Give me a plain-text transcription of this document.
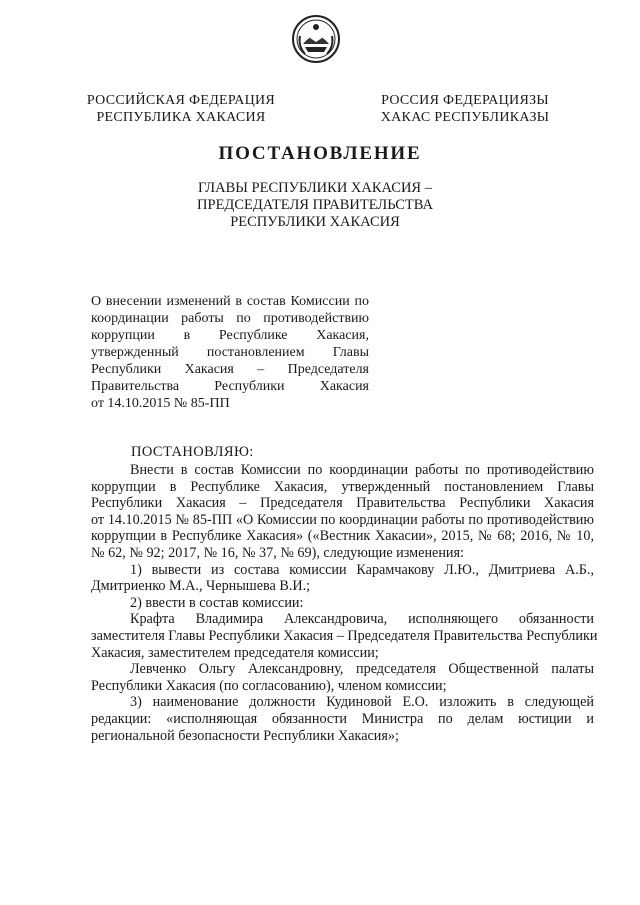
РОССИЙСКАЯ ФЕДЕРАЦИЯ
РЕСПУБЛИКА ХАКАСИЯ
РОССИЯ ФЕДЕРАЦИЯЗЫ
ХАКАС РЕСПУБЛИКАЗЫ
ПОСТАНОВЛЕНИЕ
ГЛАВЫ РЕСПУБЛИКИ ХАКАСИЯ –
ПРЕДСЕДАТЕЛЯ ПРАВИТЕЛЬСТВА
РЕСПУБЛИКИ ХАКАСИЯ
О внесении изменений в состав Комиссии по
координации работы по противодействию
коррупции в Республике Хакасия,
утвержденный постановлением Главы
Республики Хакасия – Председателя
Правительства Республики Хакасия
от 14.10.2015 № 85-ПП
ПОСТАНОВЛЯЮ:
Внести в состав Комиссии по координации работы по противодействию
коррупции в Республике Хакасия, утвержденный постановлением Главы
Республики Хакасия – Председателя Правительства Республики Хакасия
от 14.10.2015 № 85-ПП «О Комиссии по координации работы по противодействию
коррупции в Республике Хакасия» («Вестник Хакасии», 2015, № 68; 2016, № 10,
№ 62, № 92; 2017, № 16, № 37, № 69), следующие изменения:
1) вывести из состава комиссии Карамчакову Л.Ю., Дмитриева А.Б.,
Дмитриенко М.А., Чернышева В.И.;
2) ввести в состав комиссии:
Крафта Владимира Александровича, исполняющего обязанности
заместителя Главы Республики Хакасия – Председателя Правительства Республики
Хакасия, заместителем председателя комиссии;
Левченко Ольгу Александровну, председателя Общественной палаты
Республики Хакасия (по согласованию), членом комиссии;
3) наименование должности Кудиновой Е.О. изложить в следующей
редакции: «исполняющая обязанности Министра по делам юстиции и
региональной безопасности Республики Хакасия»;
